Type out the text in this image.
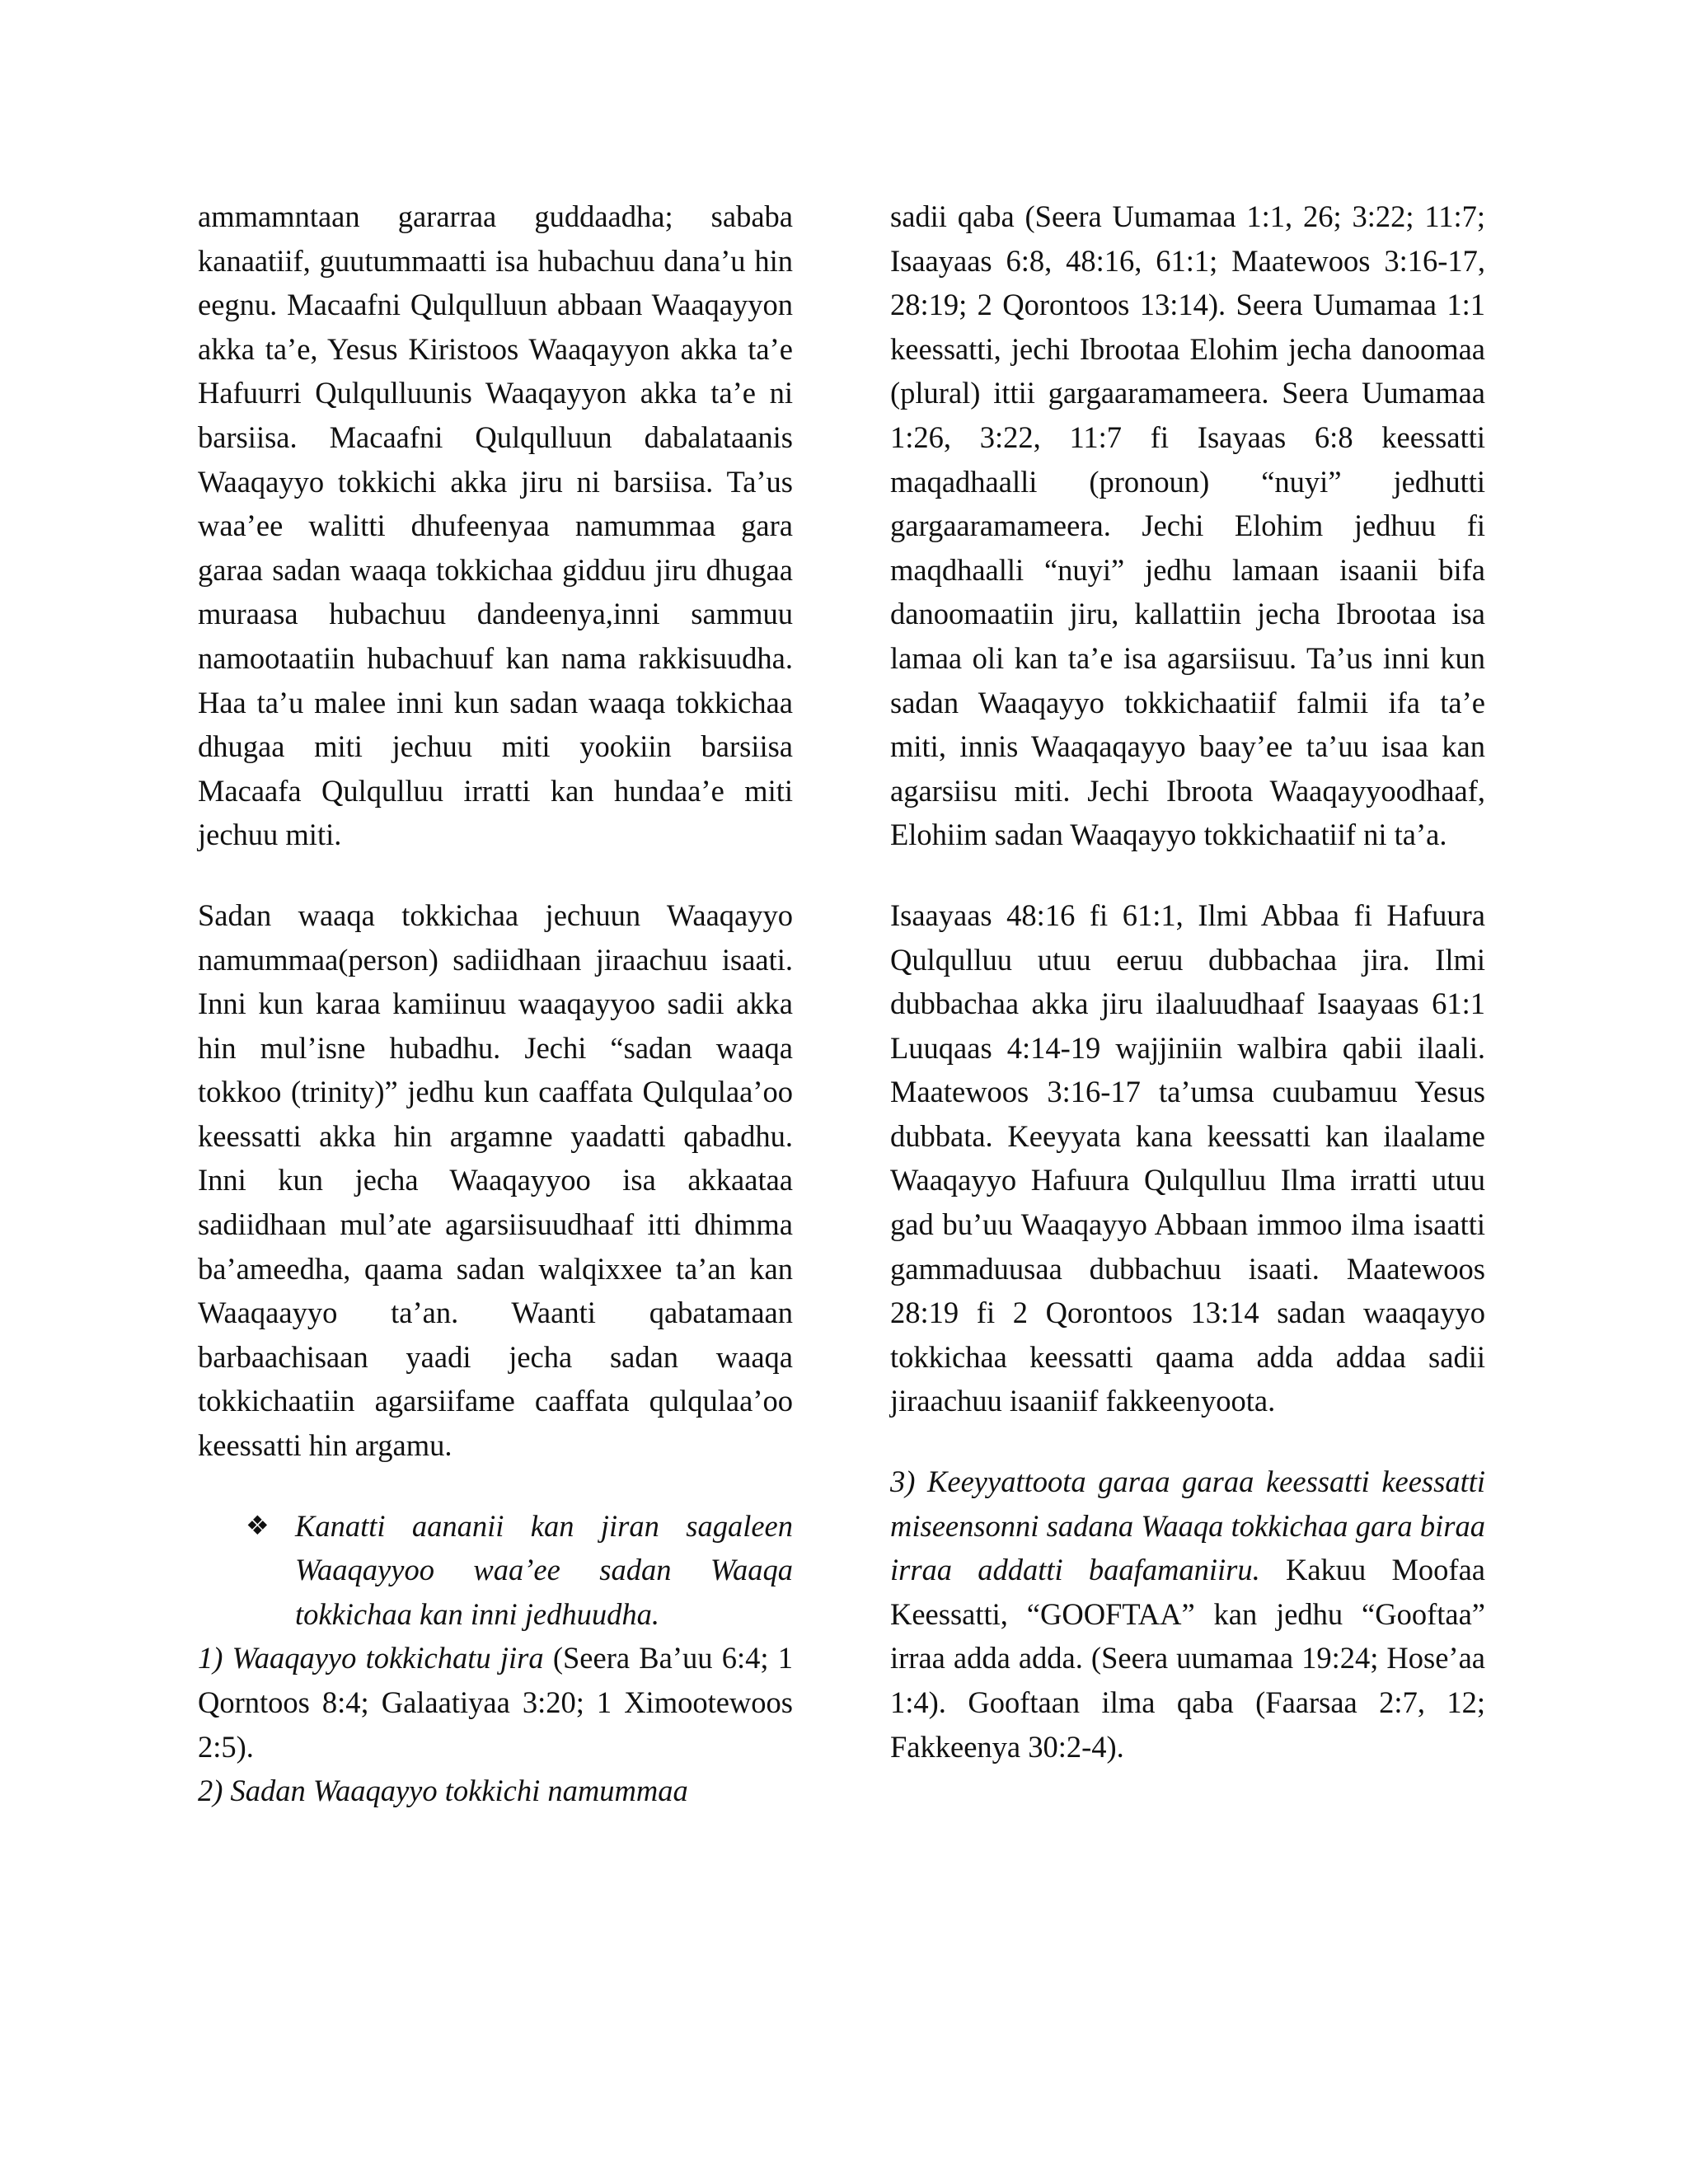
ammamntaan gararraa guddaadha; sababa kanaatiif, guutummaatti isa hubachuu dana’u hin eegnu. Macaafni Qulqulluun abbaan Waaqayyon akka ta’e, Yesus Kiristoos Waaqayyon akka ta’e Hafuurri Qulqulluunis Waaqayyon akka ta’e ni barsiisa. Macaafni Qulqulluun dabalataanis Waaqayyo tokkichi akka jiru ni barsiisa. Ta’us waa’ee walitti dhufeenyaa namummaa gara garaa sadan waaqa tokkichaa gidduu jiru dhugaa muraasa hubachuu dandeenya,inni sammuu namootaatiin hubachuuf kan nama rakkisuudha. Haa ta’u malee inni kun sadan waaqa tokkichaa dhugaa miti jechuu miti yookiin barsiisa Macaafa Qulqulluu irratti kan hundaa’e miti jechuu miti.

Sadan waaqa tokkichaa jechuun Waaqayyo namummaa(person) sadiidhaan jiraachuu isaati. Inni kun karaa kamiinuu waaqayyoo sadii akka hin mul’isne hubadhu. Jechi “sadan waaqa tokkoo (trinity)” jedhu kun caaffata Qulqulaa’oo keessatti akka hin argamne yaadatti qabadhu. Inni kun jecha Waaqayyoo isa akkaataa sadiidhaan mul’ate agarsiisuudhaaf itti dhimma ba’ameedha, qaama sadan walqixxee ta’an kan Waaqaayyo ta’an. Waanti qabatamaan barbaachisaan yaadi jecha sadan waaqa tokkichaatiin agarsiifame caaffata qulqulaa’oo keessatti hin argamu.

❖ Kanatti aananii kan jiran sagaleen Waaqayyoo waa’ee sadan Waaqa tokkichaa kan inni jedhuudha.

1) Waaqayyo tokkichatu jira (Seera Ba’uu 6:4; 1 Qorntoos 8:4; Galaatiyaa 3:20; 1 Ximootewoos 2:5).

2) Sadan Waaqayyo tokkichi namummaa

sadii qaba (Seera Uumamaa 1:1, 26; 3:22; 11:7; Isaayaas 6:8, 48:16, 61:1; Maatewoos 3:16-17, 28:19; 2 Qorontoos 13:14). Seera Uumamaa 1:1 keessatti, jechi Ibrootaa Elohim jecha danoomaa (plural) ittii gargaaramameera. Seera Uumamaa 1:26, 3:22, 11:7 fi Isayaas 6:8 keessatti maqadhaalli (pronoun) “nuyi” jedhutti gargaaramameera. Jechi Elohim jedhuu fi maqdhaalli “nuyi” jedhu lamaan isaanii bifa danoomaatiin jiru, kallattiin jecha Ibrootaa isa lamaa oli kan ta’e isa agarsiisuu. Ta’us inni kun sadan Waaqayyo tokkichaatiif falmii ifa ta’e miti, innis Waaqaqayyo baay’ee ta’uu isaa kan agarsiisu miti. Jechi Ibroota Waaqayyoodhaaf, Elohiim sadan Waaqayyo tokkichaatiif ni ta’a.

Isaayaas 48:16 fi 61:1, Ilmi Abbaa fi Hafuura Qulqulluu utuu eeruu dubbachaa jira. Ilmi dubbachaa akka jiru ilaaluudhaaf Isaayaas 61:1 Luuqaas 4:14-19 wajjiniin walbira qabii ilaali. Maatewoos 3:16-17 ta’umsa cuubamuu Yesus dubbata. Keeyyata kana keessatti kan ilaalame Waaqayyo Hafuura Qulqulluu Ilma irratti utuu gad bu’uu Waaqayyo Abbaan immoo ilma isaatti gammaduusaa dubbachuu isaati. Maatewoos 28:19 fi 2 Qorontoos 13:14 sadan waaqayyo tokkichaa keessatti qaama adda addaa sadii jiraachuu isaaniif fakkeenyoota.

3) Keeyyattoota garaa garaa keessatti keessatti miseensonni sadana Waaqa tokkichaa gara biraa irraa addatti baafamaniiru. Kakuu Moofaa Keessatti, “GOOFTAA” kan jedhu “Gooftaa” irraa adda adda. (Seera uumamaa 19:24; Hose’aa 1:4). Gooftaan ilma qaba (Faarsaa 2:7, 12; Fakkeenya 30:2-4).
